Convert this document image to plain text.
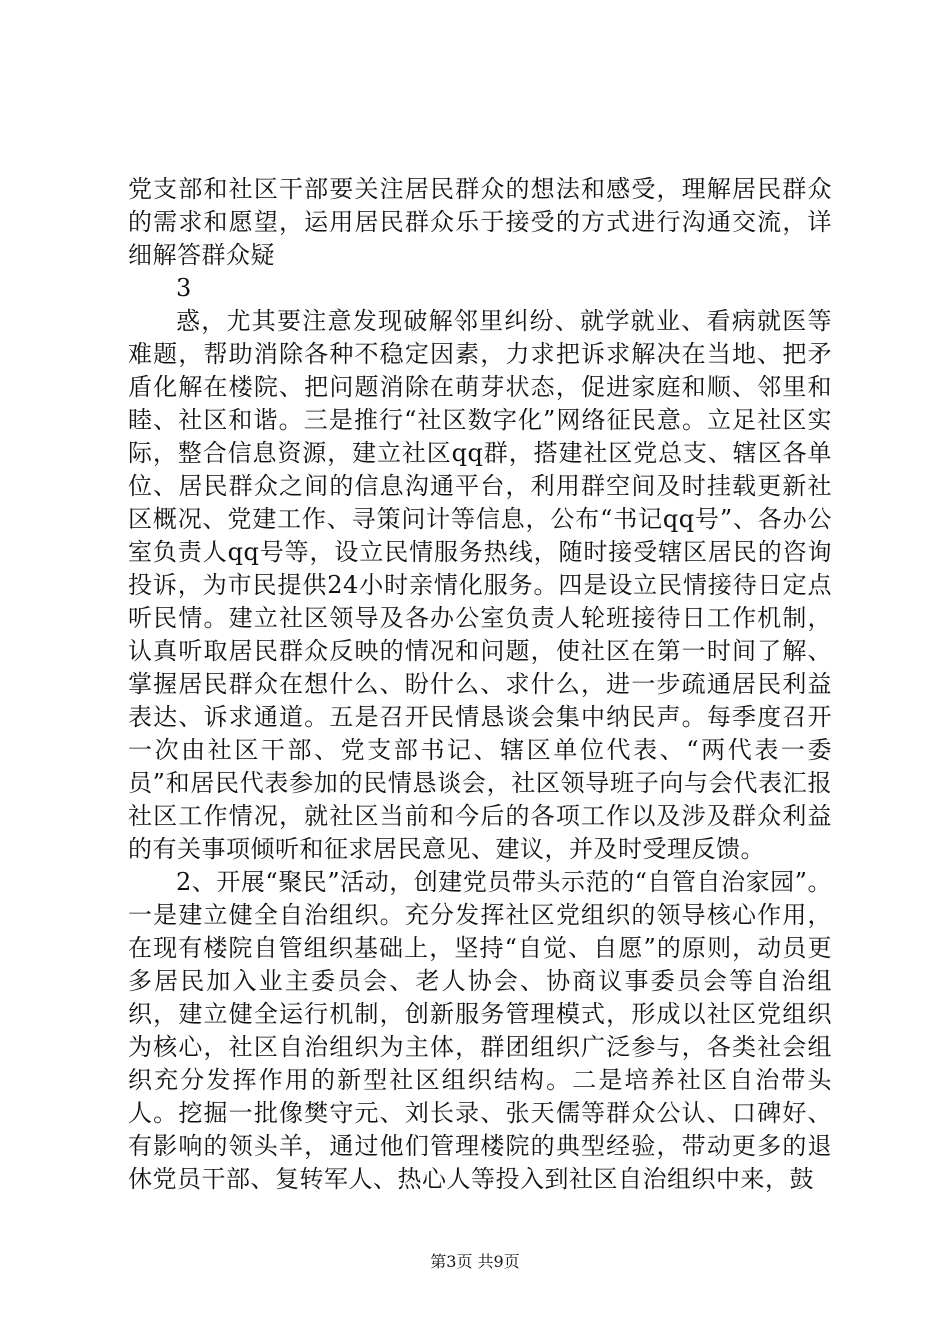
党支部和社区干部要关注居民群众的想法和感受，理解居民群众的需求和愿望，运用居民群众乐于接受的方式进行沟通交流，详细解答群众疑

3

惑，尤其要注意发现破解邻里纠纷、就学就业、看病就医等难题，帮助消除各种不稳定因素，力求把诉求解决在当地、把矛盾化解在楼院、把问题消除在萌芽状态，促进家庭和顺、邻里和睦、社区和谐。三是推行“社区数字化”网络征民意。立足社区实际，整合信息资源，建立社区qq群，搭建社区党总支、辖区各单位、居民群众之间的信息沟通平台，利用群空间及时挂载更新社区概况、党建工作、寻策问计等信息，公布“书记qq号”、各办公室负责人qq号等，设立民情服务热线，随时接受辖区居民的咨询投诉，为市民提供24小时亲情化服务。四是设立民情接待日定点听民情。建立社区领导及各办公室负责人轮班接待日工作机制，认真听取居民群众反映的情况和问题，使社区在第一时间了解、掌握居民群众在想什么、盼什么、求什么，进一步疏通居民利益表达、诉求通道。五是召开民情恳谈会集中纳民声。每季度召开一次由社区干部、党支部书记、辖区单位代表、“两代表一委员”和居民代表参加的民情恳谈会，社区领导班子向与会代表汇报社区工作情况，就社区当前和今后的各项工作以及涉及群众利益的有关事项倾听和征求居民意见、建议，并及时受理反馈。

2、开展“聚民”活动，创建党员带头示范的“自管自治家园”。一是建立健全自治组织。充分发挥社区党组织的领导核心作用，在现有楼院自管组织基础上，坚持“自觉、自愿”的原则，动员更多居民加入业主委员会、老人协会、协商议事委员会等自治组织，建立健全运行机制，创新服务管理模式，形成以社区党组织为核心，社区自治组织为主体，群团组织广泛参与，各类社会组织充分发挥作用的新型社区组织结构。二是培养社区自治带头人。挖掘一批像樊守元、刘长录、张天儒等群众公认、口碑好、有影响的领头羊，通过他们管理楼院的典型经验，带动更多的退休党员干部、复转军人、热心人等投入到社区自治组织中来，鼓

第3页 共9页
